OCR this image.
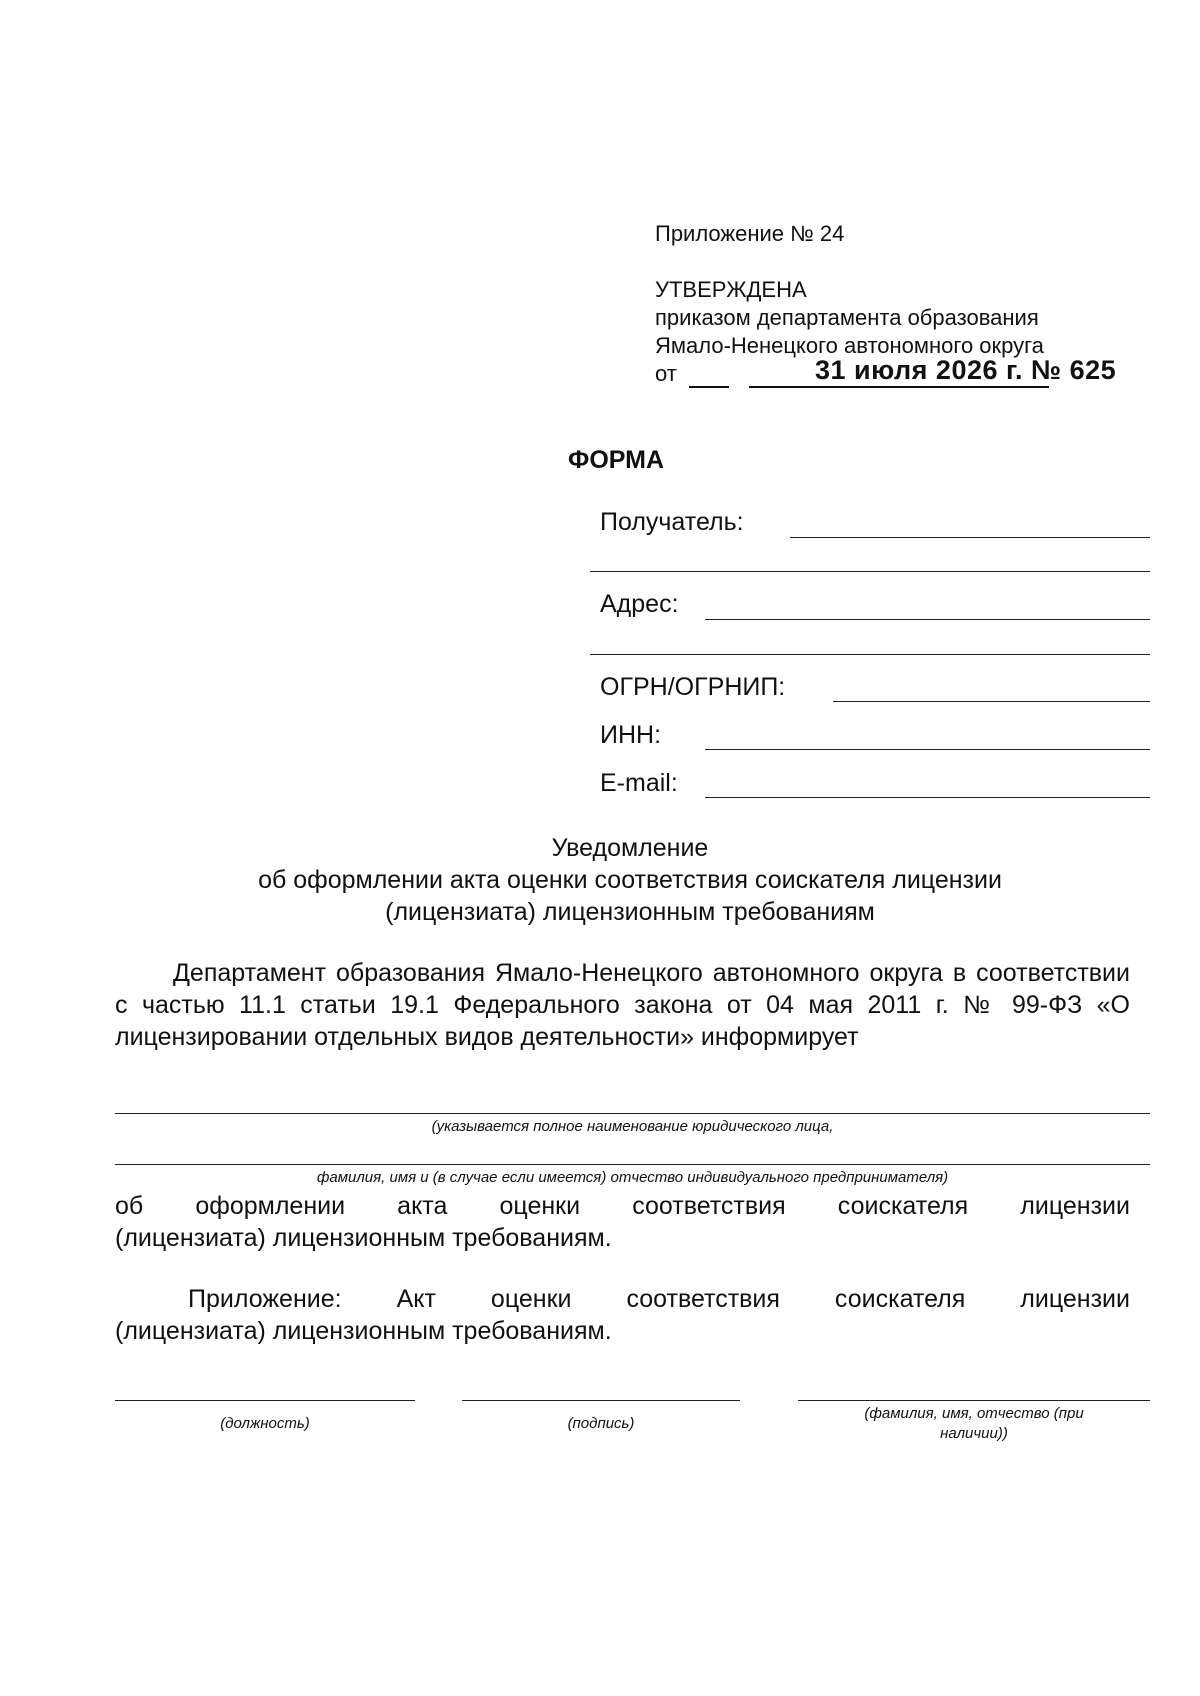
Приложение № 24
УТВЕРЖДЕНА
приказом департамента образования
Ямало-Ненецкого автономного округа
от	31 июля 2026 г. № 625
ФОРМА
Получатель:
Адрес:
ОГРН/ОГРНИП:
ИНН:
E-mail:
Уведомление
об оформлении акта оценки соответствия соискателя лицензии
(лицензиата) лицензионным требованиям
Департамент образования Ямало-Ненецкого автономного округа в соответствии с частью 11.1 статьи 19.1 Федерального закона от 04 мая 2011 г. № 99-ФЗ «О лицензировании отдельных видов деятельности» информирует
(указывается полное наименование юридического лица,
фамилия, имя и (в случае если имеется) отчество индивидуального предпринимателя)
об оформлении акта оценки соответствия соискателя лицензии
(лицензиата) лицензионным требованиям.
Приложение: Акт оценки соответствия соискателя лицензии
(лицензиата) лицензионным требованиям.
(должность)	(подпись)
(фамилия, имя, отчество (при
наличии))
